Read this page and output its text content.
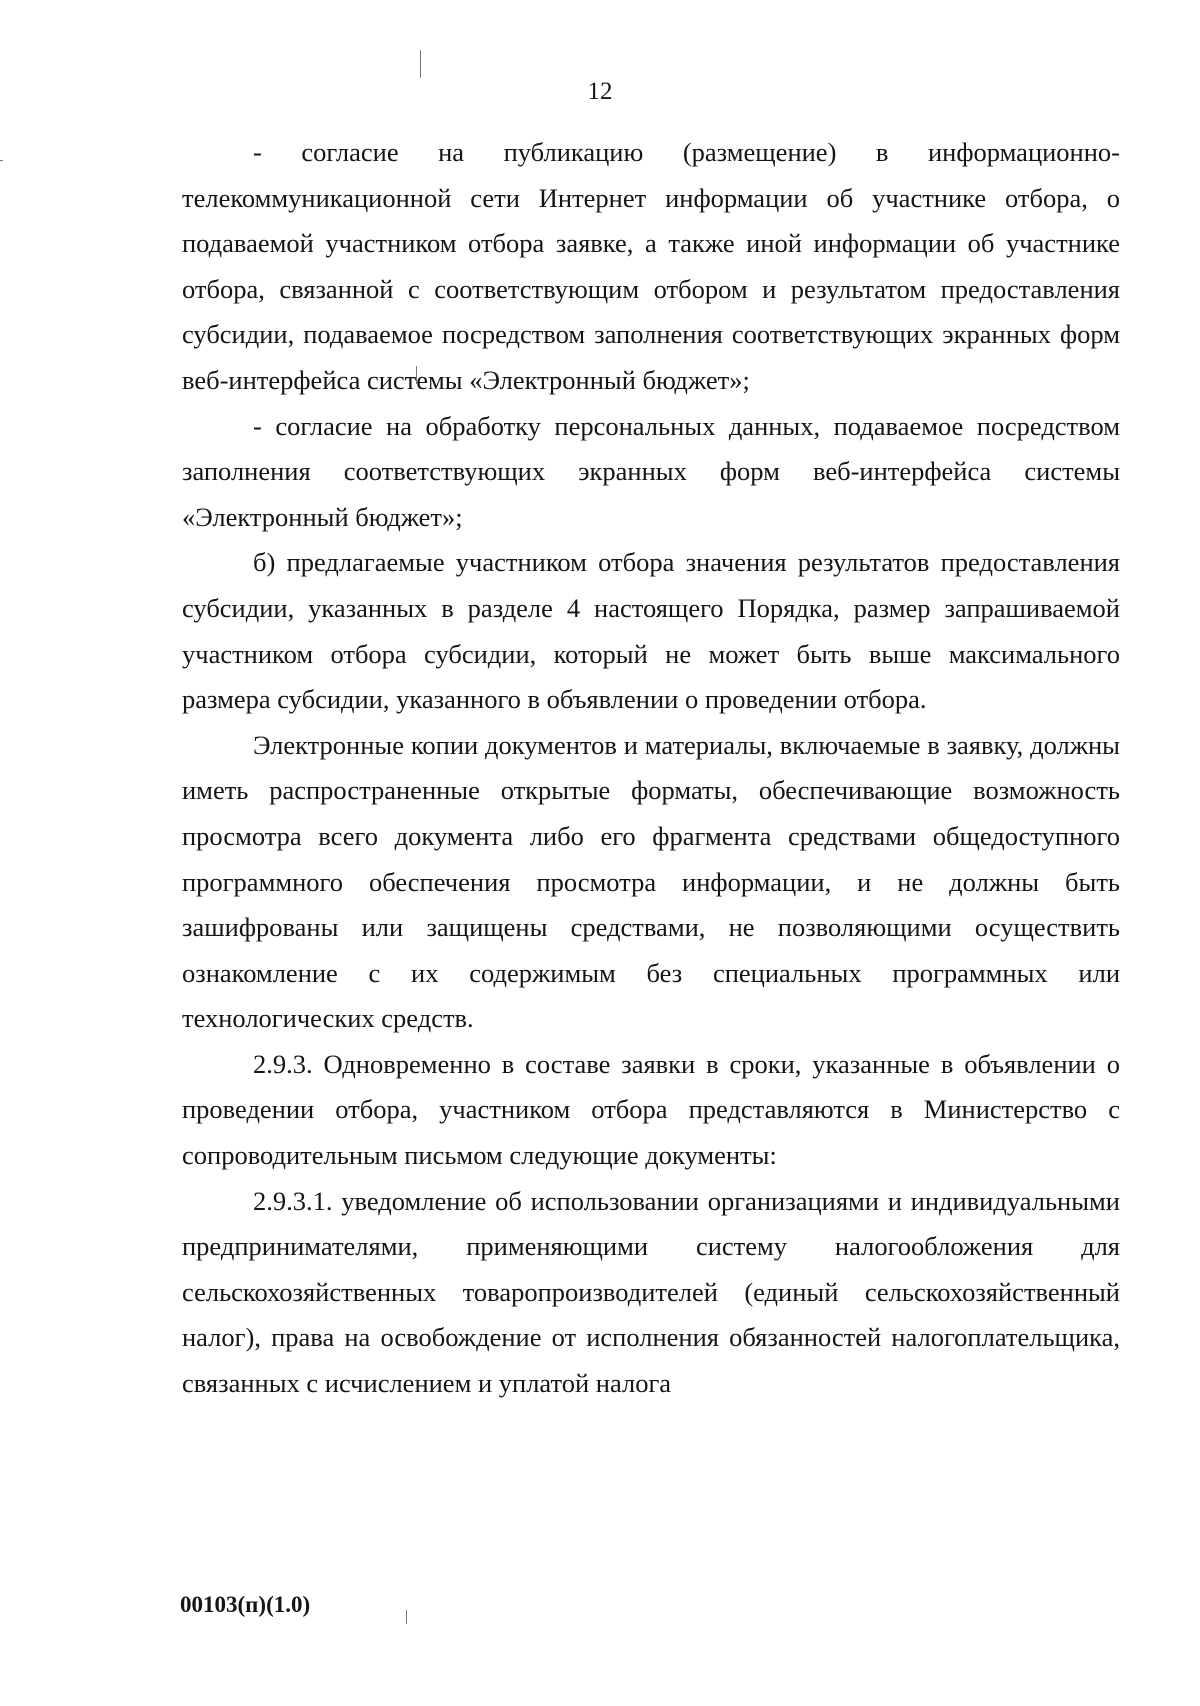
12

- согласие на публикацию (размещение) в информационно-телекоммуникационной сети Интернет информации об участнике отбора, о подаваемой участником отбора заявке, а также иной информации об участнике отбора, связанной с соответствующим отбором и результатом предоставления субсидии, подаваемое посредством заполнения соответствующих экранных форм веб-интерфейса системы «Электронный бюджет»;

- согласие на обработку персональных данных, подаваемое посредством заполнения соответствующих экранных форм веб-интерфейса системы «Электронный бюджет»;

б) предлагаемые участником отбора значения результатов предоставления субсидии, указанных в разделе 4 настоящего Порядка, размер запрашиваемой участником отбора субсидии, который не может быть выше максимального размера субсидии, указанного в объявлении о проведении отбора.

Электронные копии документов и материалы, включаемые в заявку, должны иметь распространенные открытые форматы, обеспечивающие возможность просмотра всего документа либо его фрагмента средствами общедоступного программного обеспечения просмотра информации, и не должны быть зашифрованы или защищены средствами, не позволяющими осуществить ознакомление с их содержимым без специальных программных или технологических средств.

2.9.3. Одновременно в составе заявки в сроки, указанные в объявлении о проведении отбора, участником отбора представляются в Министерство с сопроводительным письмом следующие документы:

2.9.3.1. уведомление об использовании организациями и индивидуальными предпринимателями, применяющими систему налогообложения для сельскохозяйственных товаропроизводителей (единый сельскохозяйственный налог), права на освобождение от исполнения обязанностей налогоплательщика, связанных с исчислением и уплатой налога

00103(п)(1.0)
